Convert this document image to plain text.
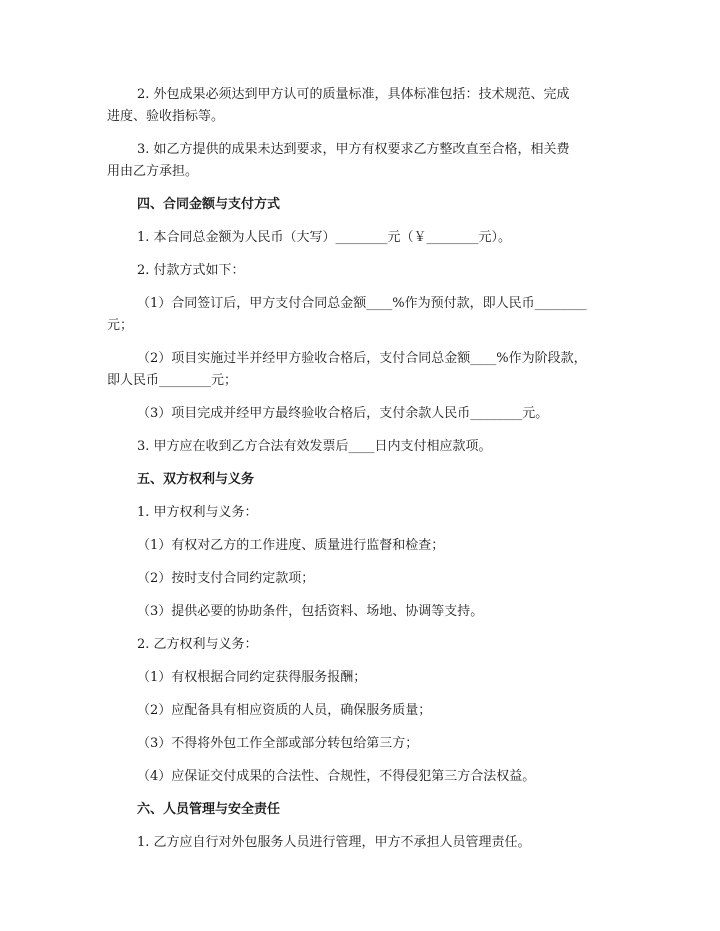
2. 外包成果必须达到甲方认可的质量标准，具体标准包括：技术规范、完成
进度、验收指标等。

3. 如乙方提供的成果未达到要求，甲方有权要求乙方整改直至合格，相关费
用由乙方承担。

四、合同金额与支付方式

1. 本合同总金额为人民币（大写）________元（￥________元）。

2. 付款方式如下：

（1）合同签订后，甲方支付合同总金额____%作为预付款，即人民币________
元；

（2）项目实施过半并经甲方验收合格后，支付合同总金额____%作为阶段款，
即人民币________元；

（3）项目完成并经甲方最终验收合格后，支付余款人民币________元。

3. 甲方应在收到乙方合法有效发票后____日内支付相应款项。

五、双方权利与义务

1. 甲方权利与义务：

（1）有权对乙方的工作进度、质量进行监督和检查；

（2）按时支付合同约定款项；

（3）提供必要的协助条件，包括资料、场地、协调等支持。

2. 乙方权利与义务：

（1）有权根据合同约定获得服务报酬；

（2）应配备具有相应资质的人员，确保服务质量；

（3）不得将外包工作全部或部分转包给第三方；

（4）应保证交付成果的合法性、合规性，不得侵犯第三方合法权益。

六、人员管理与安全责任

1. 乙方应自行对外包服务人员进行管理，甲方不承担人员管理责任。
